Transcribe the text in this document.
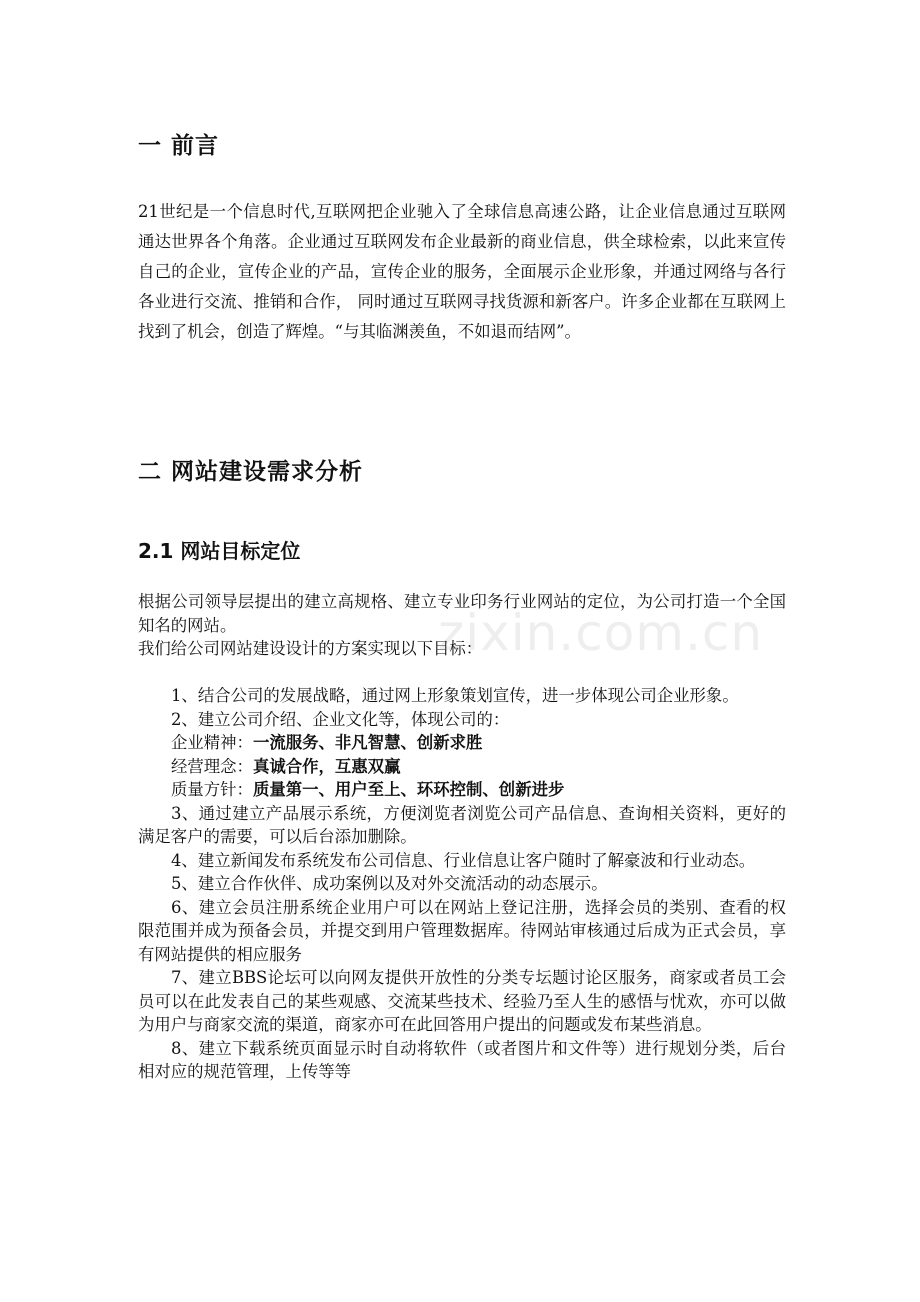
一 前言

21世纪是一个信息时代,互联网把企业驰入了全球信息高速公路，让企业信息通过互联网通达世界各个角落。企业通过互联网发布企业最新的商业信息，供全球检索，以此来宣传自己的企业，宣传企业的产品，宣传企业的服务，全面展示企业形象，并通过网络与各行各业进行交流、推销和合作， 同时通过互联网寻找货源和新客户。许多企业都在互联网上找到了机会，创造了辉煌。“与其临渊羡鱼，不如退而结网”。

二 网站建设需求分析
2.1 网站目标定位

根据公司领导层提出的建立高规格、建立专业印务行业网站的定位，为公司打造一个全国知名的网站。

我们给公司网站建设设计的方案实现以下目标：

1、结合公司的发展战略，通过网上形象策划宣传，进一步体现公司企业形象。

2、建立公司介绍、企业文化等，体现公司的：

企业精神：一流服务、非凡智慧、创新求胜

经营理念：真诚合作，互惠双赢

质量方针：质量第一、用户至上、环环控制、创新进步

3、通过建立产品展示系统，方便浏览者浏览公司产品信息、查询相关资料，更好的满足客户的需要，可以后台添加删除。

4、建立新闻发布系统发布公司信息、行业信息让客户随时了解豪波和行业动态。

5、建立合作伙伴、成功案例以及对外交流活动的动态展示。

6、建立会员注册系统企业用户可以在网站上登记注册，选择会员的类别、查看的权限范围并成为预备会员，并提交到用户管理数据库。待网站审核通过后成为正式会员，享有网站提供的相应服务

7、建立BBS论坛可以向网友提供开放性的分类专坛题讨论区服务，商家或者员工会员可以在此发表自己的某些观感、交流某些技术、经验乃至人生的感悟与忧欢，亦可以做为用户与商家交流的渠道，商家亦可在此回答用户提出的问题或发布某些消息。

8、建立下载系统页面显示时自动将软件（或者图片和文件等）进行规划分类，后台相对应的规范管理，上传等等

zixin.com.cn
